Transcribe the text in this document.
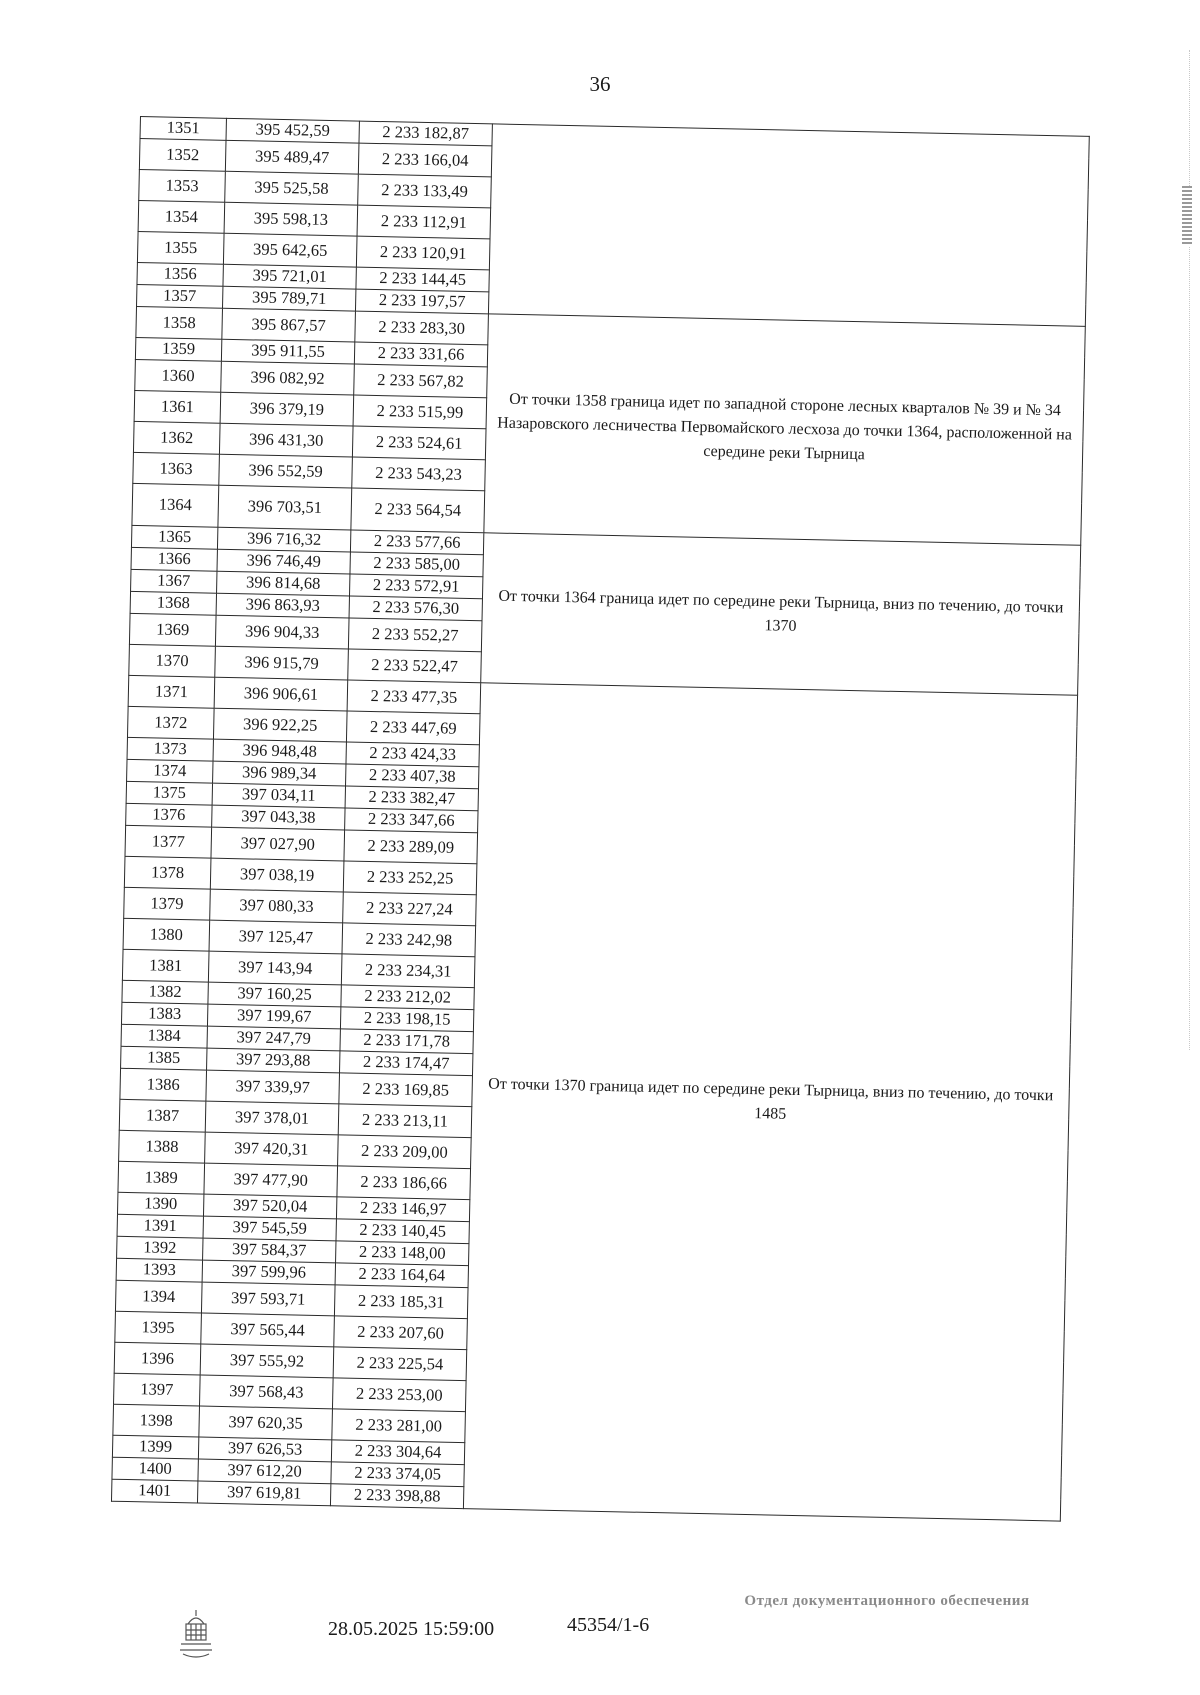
36
1351	395 452,59	2 233 182,87	
1352	395 489,47	2 233 166,04	
1353	395 525,58	2 233 133,49	
1354	395 598,13	2 233 112,91	
1355	395 642,65	2 233 120,91	
1356	395 721,01	2 233 144,45	
1357	395 789,71	2 233 197,57	
1358	395 867,57	2 233 283,30	От точки 1358 граница идет по западной стороне лесных кварталов № 39 и № 34 Назаровского лесничества Первомайского лесхоза до точки 1364, расположенной на середине реки Тырница
1359	395 911,55	2 233 331,66	
1360	396 082,92	2 233 567,82	
1361	396 379,19	2 233 515,99	
1362	396 431,30	2 233 524,61	
1363	396 552,59	2 233 543,23	
1364	396 703,51	2 233 564,54	
1365	396 716,32	2 233 577,66	От точки 1364 граница идет по середине реки Тырница, вниз по течению, до точки 1370
1366	396 746,49	2 233 585,00	
1367	396 814,68	2 233 572,91	
1368	396 863,93	2 233 576,30	
1369	396 904,33	2 233 552,27	
1370	396 915,79	2 233 522,47	
1371	396 906,61	2 233 477,35	От точки 1370 граница идет по середине реки Тырница, вниз по течению, до точки 1485
1372	396 922,25	2 233 447,69	
1373	396 948,48	2 233 424,33	
1374	396 989,34	2 233 407,38	
1375	397 034,11	2 233 382,47	
1376	397 043,38	2 233 347,66	
1377	397 027,90	2 233 289,09	
1378	397 038,19	2 233 252,25	
1379	397 080,33	2 233 227,24	
1380	397 125,47	2 233 242,98	
1381	397 143,94	2 233 234,31	
1382	397 160,25	2 233 212,02	
1383	397 199,67	2 233 198,15	
1384	397 247,79	2 233 171,78	
1385	397 293,88	2 233 174,47	
1386	397 339,97	2 233 169,85	
1387	397 378,01	2 233 213,11	
1388	397 420,31	2 233 209,00	
1389	397 477,90	2 233 186,66	
1390	397 520,04	2 233 146,97	
1391	397 545,59	2 233 140,45	
1392	397 584,37	2 233 148,00	
1393	397 599,96	2 233 164,64	
1394	397 593,71	2 233 185,31	
1395	397 565,44	2 233 207,60	
1396	397 555,92	2 233 225,54	
1397	397 568,43	2 233 253,00	
1398	397 620,35	2 233 281,00	
1399	397 626,53	2 233 304,64	
1400	397 612,20	2 233 374,05	
1401	397 619,81	2 233 398,88	
28.05.2025 15:59:00	45354/1-6
Отдел документационного обеспечения
